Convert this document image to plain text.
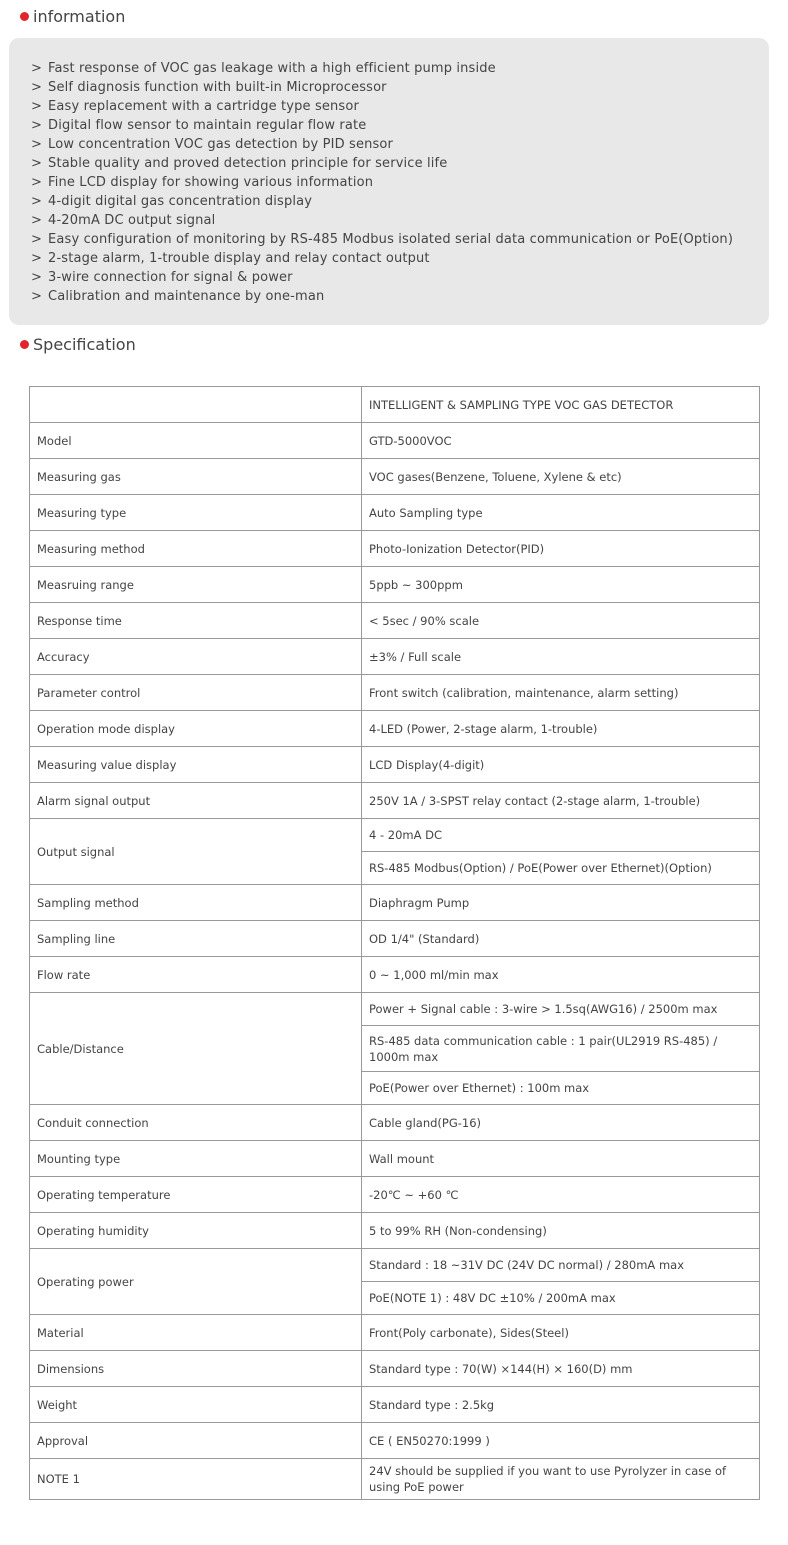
information
> Fast response of VOC gas leakage with a high efficient pump inside
> Self diagnosis function with built-in Microprocessor
> Easy replacement with a cartridge type sensor
> Digital flow sensor to maintain regular flow rate
> Low concentration VOC gas detection by PID sensor
> Stable quality and proved detection principle for service life
> Fine LCD display for showing various information
> 4-digit digital gas concentration display
> 4-20mA DC output signal
> Easy configuration of monitoring by RS-485 Modbus isolated serial data communication or PoE(Option)
> 2-stage alarm, 1-trouble display and relay contact output
> 3-wire connection for signal & power
> Calibration and maintenance by one-man
Specification
	INTELLIGENT & SAMPLING TYPE VOC GAS DETECTOR
Model	GTD-5000VOC
Measuring gas	VOC gases(Benzene, Toluene, Xylene & etc)
Measuring type	Auto Sampling type
Measuring method	Photo-Ionization Detector(PID)
Measruing range	5ppb ~ 300ppm
Response time	< 5sec / 90% scale
Accuracy	±3% / Full scale
Parameter control	Front switch (calibration, maintenance, alarm setting)
Operation mode display	4-LED (Power, 2-stage alarm, 1-trouble)
Measuring value display	LCD Display(4-digit)
Alarm signal output	250V 1A / 3-SPST relay contact (2-stage alarm, 1-trouble)
Output signal	4 - 20mA DC
	RS-485 Modbus(Option) / PoE(Power over Ethernet)(Option)
Sampling method	Diaphragm Pump
Sampling line	OD 1/4" (Standard)
Flow rate	0 ~ 1,000 ml/min max
Cable/Distance	Power + Signal cable : 3-wire > 1.5sq(AWG16) / 2500m max
	RS-485 data communication cable : 1 pair(UL2919 RS-485) / 1000m max
	PoE(Power over Ethernet) : 100m max
Conduit connection	Cable gland(PG-16)
Mounting type	Wall mount
Operating temperature	-20℃ ~ +60 ℃
Operating humidity	5 to 99% RH (Non-condensing)
Operating power	Standard : 18 ~31V DC (24V DC normal) / 280mA max
	PoE(NOTE 1) : 48V DC ±10% / 200mA max
Material	Front(Poly carbonate), Sides(Steel)
Dimensions	Standard type : 70(W) ×144(H) × 160(D) mm
Weight	Standard type : 2.5kg
Approval	CE ( EN50270:1999 )
NOTE 1	24V should be supplied if you want to use Pyrolyzer in case of using PoE power
